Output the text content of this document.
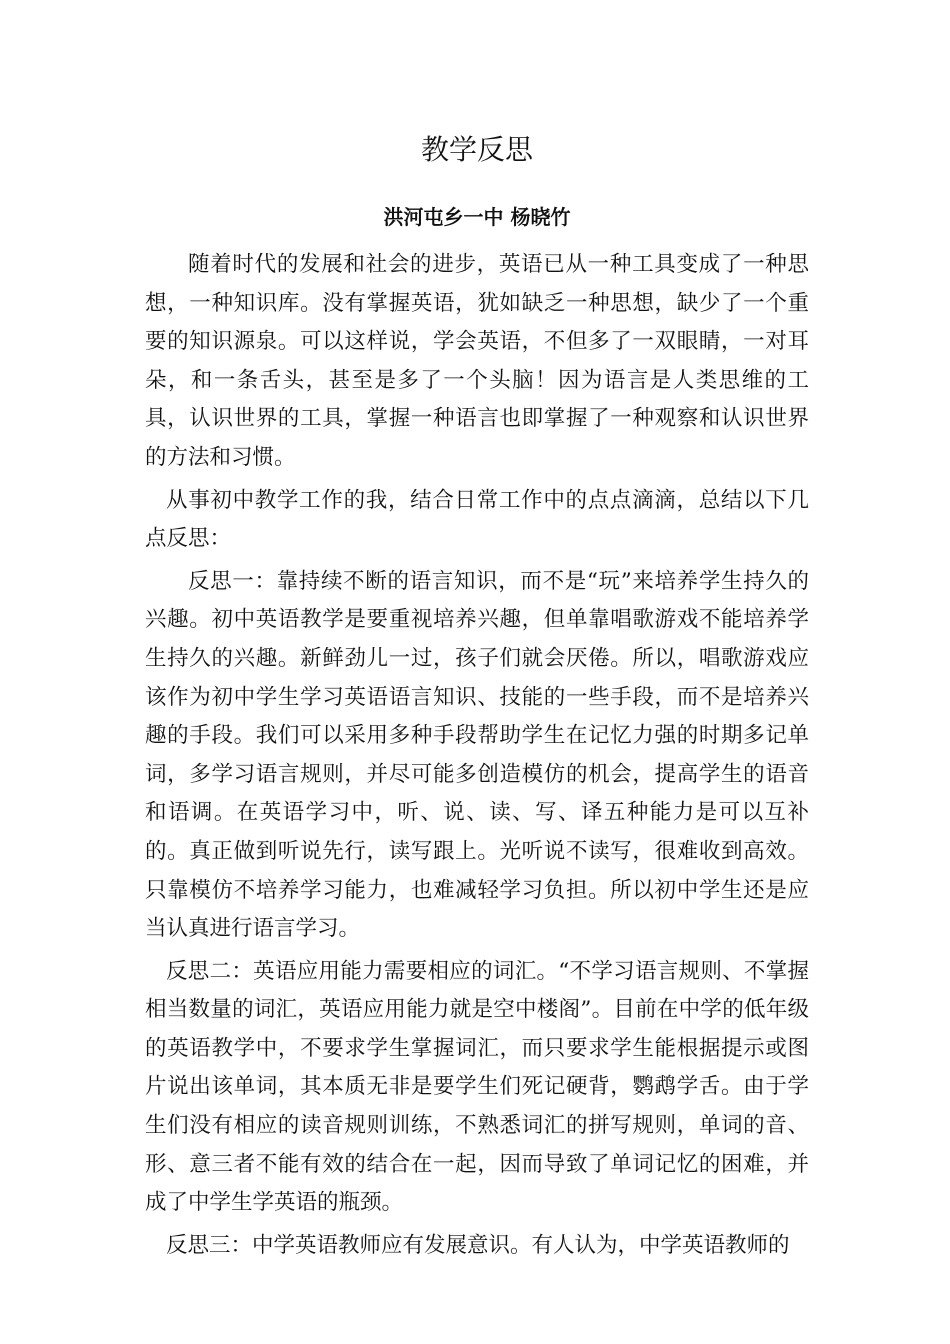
教学反思
洪河屯乡一中 杨晓竹

随着时代的发展和社会的进步，英语已从一种工具变成了一种思想，一种知识库。没有掌握英语，犹如缺乏一种思想，缺少了一个重要的知识源泉。可以这样说，学会英语，不但多了一双眼睛，一对耳朵，和一条舌头，甚至是多了一个头脑！因为语言是人类思维的工具，认识世界的工具，掌握一种语言也即掌握了一种观察和认识世界的方法和习惯。

从事初中教学工作的我，结合日常工作中的点点滴滴，总结以下几点反思：

反思一：靠持续不断的语言知识，而不是“玩”来培养学生持久的兴趣。初中英语教学是要重视培养兴趣，但单靠唱歌游戏不能培养学生持久的兴趣。新鲜劲儿一过，孩子们就会厌倦。所以，唱歌游戏应该作为初中学生学习英语语言知识、技能的一些手段，而不是培养兴趣的手段。我们可以采用多种手段帮助学生在记忆力强的时期多记单词，多学习语言规则，并尽可能多创造模仿的机会，提高学生的语音和语调。在英语学习中，听、说、读、写、译五种能力是可以互补的。真正做到听说先行，读写跟上。光听说不读写，很难收到高效。只靠模仿不培养学习能力，也难减轻学习负担。所以初中学生还是应当认真进行语言学习。

反思二：英语应用能力需要相应的词汇。“不学习语言规则、不掌握相当数量的词汇，英语应用能力就是空中楼阁”。目前在中学的低年级的英语教学中，不要求学生掌握词汇，而只要求学生能根据提示或图片说出该单词，其本质无非是要学生们死记硬背，鹦鹉学舌。由于学生们没有相应的读音规则训练，不熟悉词汇的拼写规则，单词的音、形、意三者不能有效的结合在一起，因而导致了单词记忆的困难，并成了中学生学英语的瓶颈。

反思三：中学英语教师应有发展意识。有人认为，中学英语教师的
